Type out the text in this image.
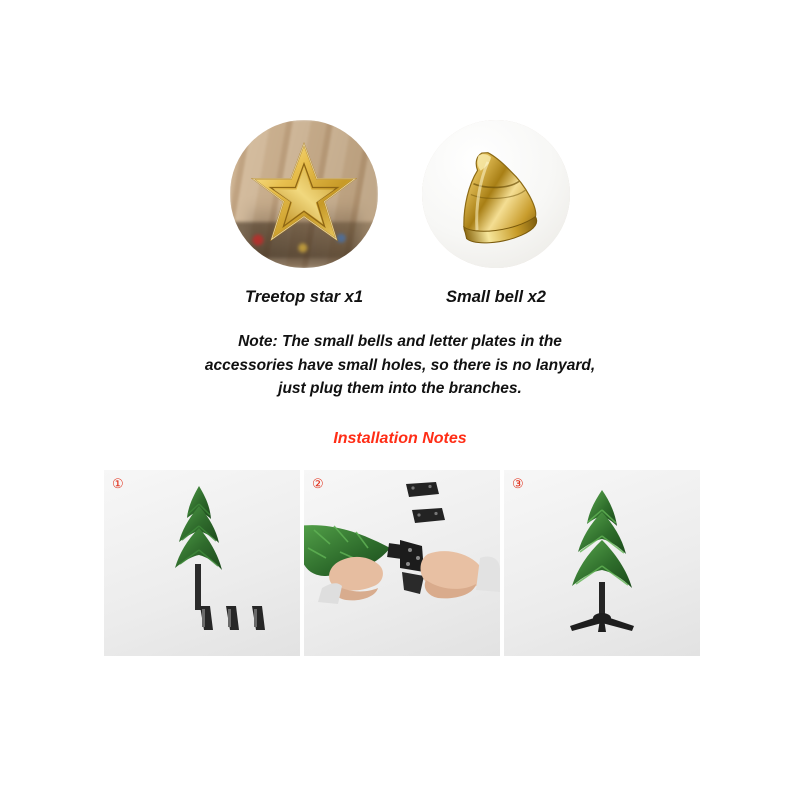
Treetop star x1	Small bell x2
Note: The small bells and letter plates in the
accessories have small holes, so there is no lanyard,
just plug them into the branches.
Installation Notes
①	②	③
